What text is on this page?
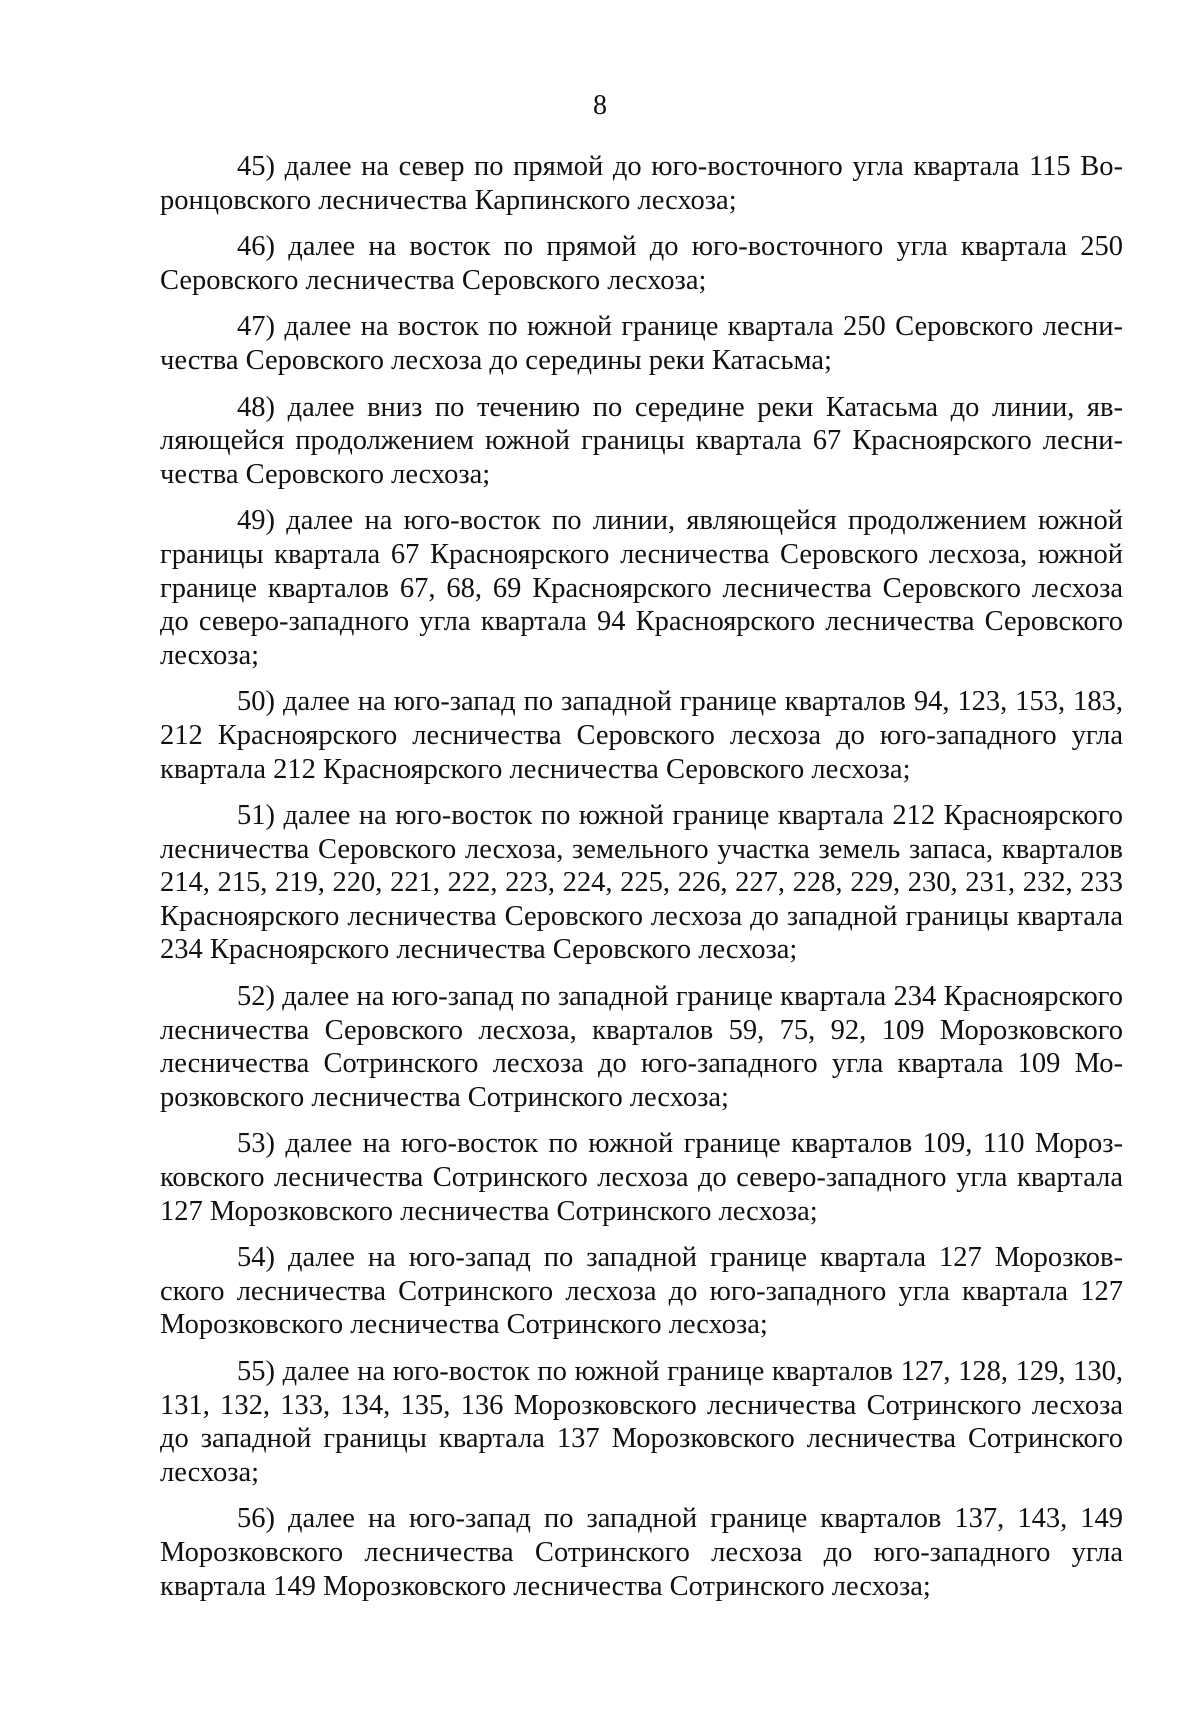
8

45) далее на север по прямой до юго-восточного угла квартала 115 Воронцовского лесничества Карпинского лесхоза;

46) далее на восток по прямой до юго-восточного угла квартала 250 Серовского лесничества Серовского лесхоза;

47) далее на восток по южной границе квартала 250 Серовского лесничества Серовского лесхоза до середины реки Катасьма;

48) далее вниз по течению по середине реки Катасьма до линии, являющейся продолжением южной границы квартала 67 Красноярского лесничества Серовского лесхоза;

49) далее на юго-восток по линии, являющейся продолжением южной границы квартала 67 Красноярского лесничества Серовского лесхоза, южной границе кварталов 67, 68, 69 Красноярского лесничества Серовского лесхоза до северо-западного угла квартала 94 Красноярского лесничества Серовского лесхоза;

50) далее на юго-запад по западной границе кварталов 94, 123, 153, 183, 212 Красноярского лесничества Серовского лесхоза до юго-западного угла квартала 212 Красноярского лесничества Серовского лесхоза;

51) далее на юго-восток по южной границе квартала 212 Красноярского лесничества Серовского лесхоза, земельного участка земель запаса, кварталов 214, 215, 219, 220, 221, 222, 223, 224, 225, 226, 227, 228, 229, 230, 231, 232, 233 Красноярского лесничества Серовского лесхоза до западной границы квартала 234 Красноярского лесничества Серовского лесхоза;

52) далее на юго-запад по западной границе квартала 234 Красноярского лесничества Серовского лесхоза, кварталов 59, 75, 92, 109 Морозковского лесничества Сотринского лесхоза до юго-западного угла квартала 109 Морозковского лесничества Сотринского лесхоза;

53) далее на юго-восток по южной границе кварталов 109, 110 Морозковского лесничества Сотринского лесхоза до северо-западного угла квартала 127 Морозковского лесничества Сотринского лесхоза;

54) далее на юго-запад по западной границе квартала 127 Морозковского лесничества Сотринского лесхоза до юго-западного угла квартала 127 Морозковского лесничества Сотринского лесхоза;

55) далее на юго-восток по южной границе кварталов 127, 128, 129, 130, 131, 132, 133, 134, 135, 136 Морозковского лесничества Сотринского лесхоза до западной границы квартала 137 Морозковского лесничества Сотринского лесхоза;

56) далее на юго-запад по западной границе кварталов 137, 143, 149 Морозковского лесничества Сотринского лесхоза до юго-западного угла квартала 149 Морозковского лесничества Сотринского лесхоза;
